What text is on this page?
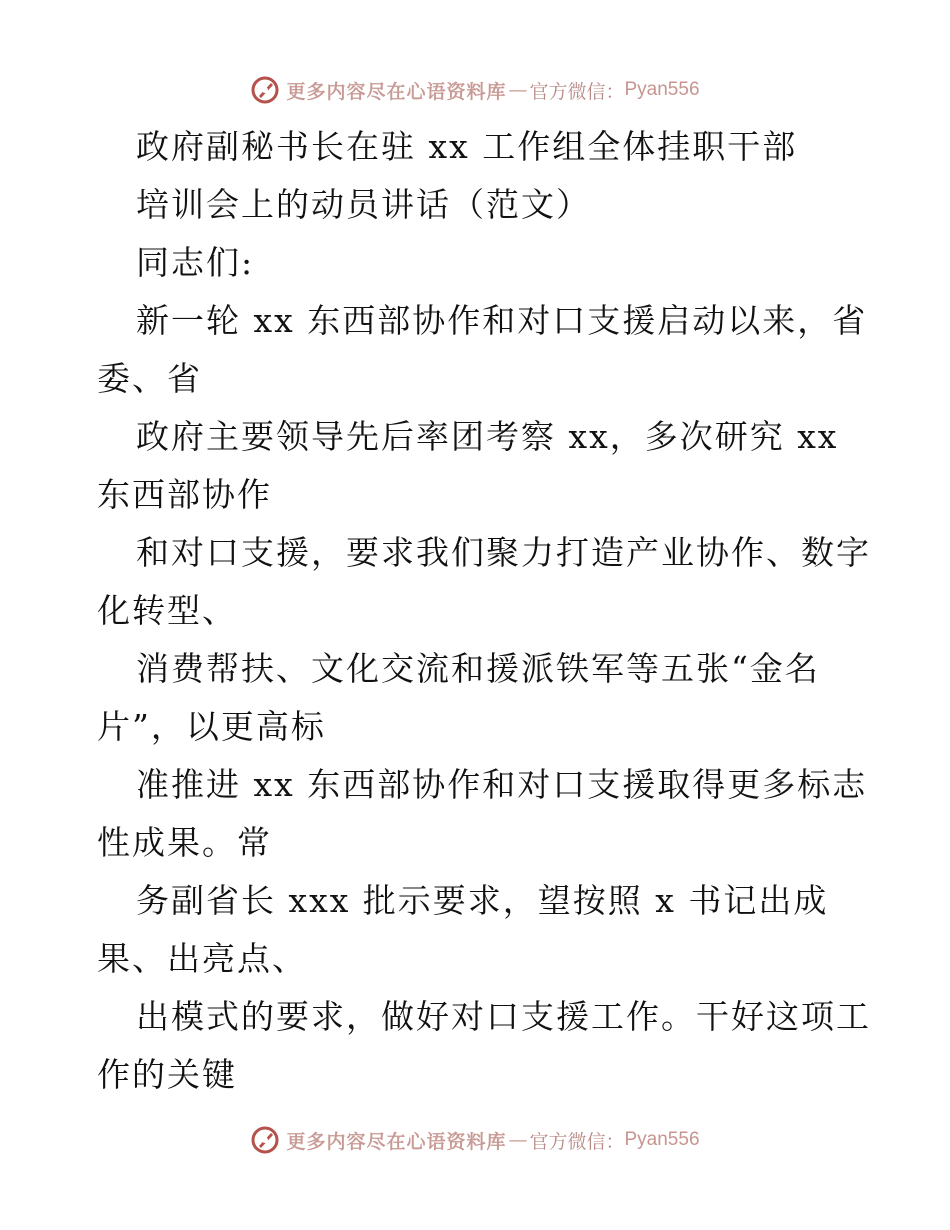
更多内容尽在心语资料库 — 官方微信： Pyan556
政府副秘书长在驻 xx 工作组全体挂职干部
培训会上的动员讲话（范文）
同志们:
新一轮 xx 东西部协作和对口支援启动以来，省
委、省
政府主要领导先后率团考察 xx，多次研究 xx
东西部协作
和对口支援，要求我们聚力打造产业协作、数字
化转型、
消费帮扶、文化交流和援派铁军等五张“金名
片”，以更高标
准推进 xx 东西部协作和对口支援取得更多标志
性成果。常
务副省长 xxx 批示要求，望按照 x 书记出成
果、出亮点、
出模式的要求，做好对口支援工作。干好这项工
作的关键
更多内容尽在心语资料库 — 官方微信： Pyan556
